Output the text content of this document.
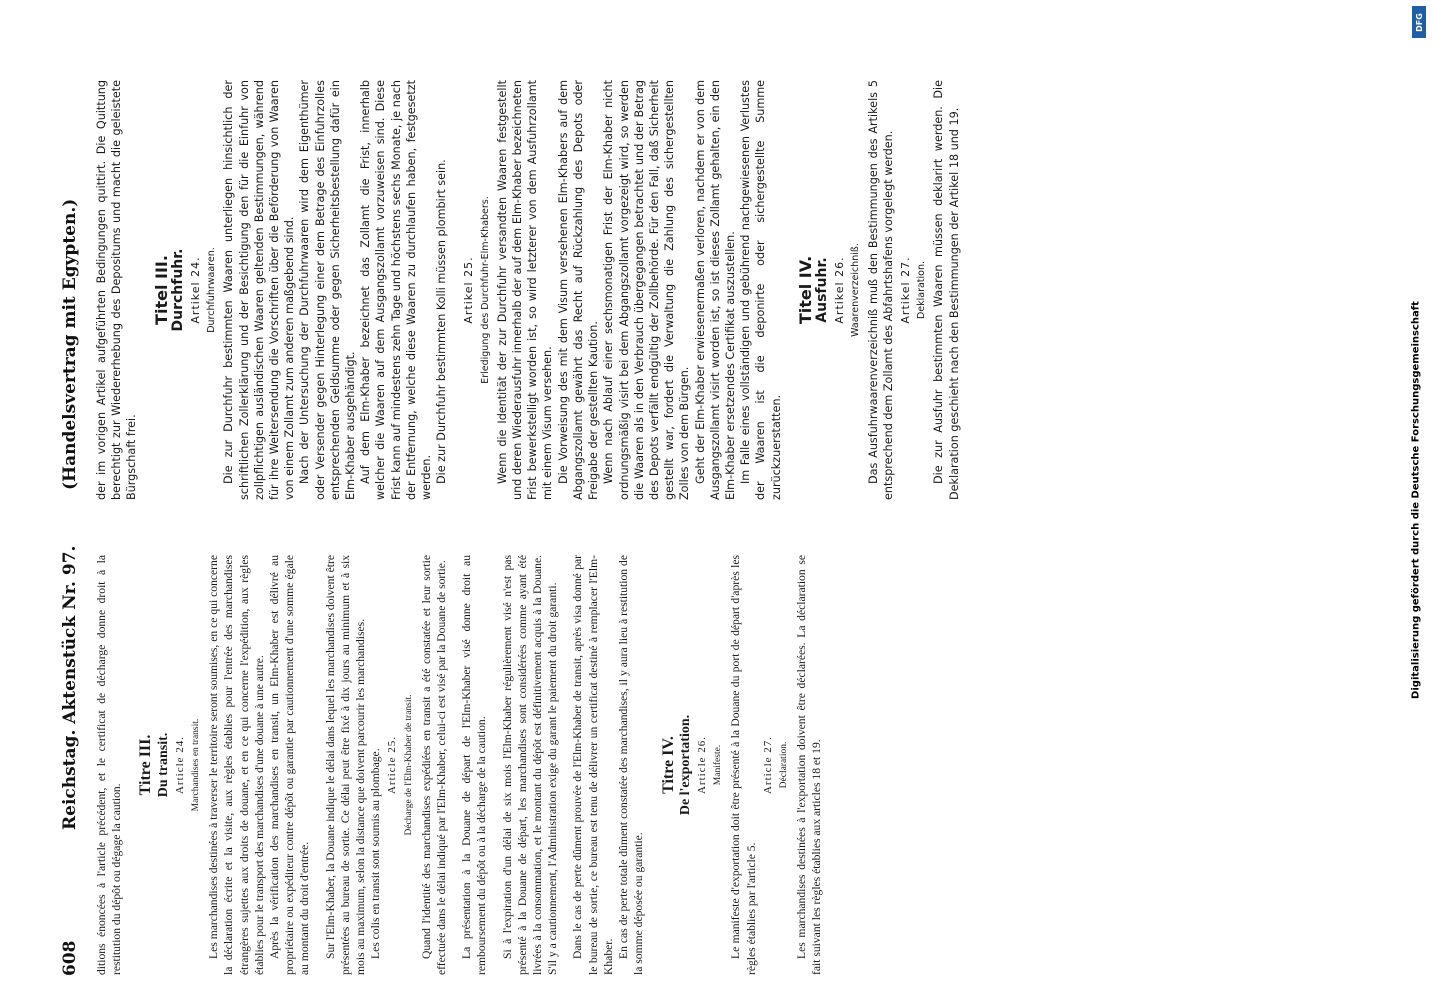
608
Reichstag. Aktenstück Nr. 97.
(Handelsvertrag mit Egypten.)

ditions énoncées à l'article précédent, et le certificat de décharge donne droit à la restitution du dépôt ou dégage la caution.

Titre III. Du transit. Article 24. Marchandises en transit. Les marchandises destinées à traverser le territoire seront soumises, en ce qui concerne la déclaration écrite et la visite, aux règles établies pour l'entrée des marchandises étrangères sujettes aux droits de douane, et en ce qui concerne l'expédition, aux règles établies pour le transport des marchandises d'une douane à une autre. Après la vérification des marchandises en transit, un Elm-Khaber est délivré au propriétaire ou expéditeur contre dépôt ou garantie par cautionnement d'une somme égale au montant du droit d'entrée. Sur l'Elm-Khaber, la Douane indique le délai dans lequel les marchandises doivent être présentées au bureau de sortie. Ce délai peut être fixé à dix jours au minimum et à six mois au maximum, selon la distance que doivent parcourir les marchandises. Les colis en transit sont soumis au plombage. Article 25. Décharge de l'Elm-Khaber de transit. Quand l'identité des marchandises expédiées en transit a été constatée et leur sortie effectuée dans le délai indiqué par l'Elm-Khaber, celui-ci est visé par la Douane de sortie. La présentation à la Douane de départ de l'Elm-Khaber visé donne droit au remboursement du dépôt ou à la décharge de la caution. Si à l'expiration d'un délai de six mois l'Elm-Khaber régulièrement visé n'est pas présenté à la Douane de départ, les marchandises sont considérées comme ayant été livrées à la consommation, et le montant du dépôt est définitivement acquis à la Douane. S'il y a cautionnement, l'Administration exige du garant le paiement du droit garanti. Dans le cas de perte dûment prouvée de l'Elm-Khaber de transit, après visa donné par le bureau de sortie, ce bureau est tenu de délivrer un certificat destiné à remplacer l'Elm-Khaber. En cas de perte totale dûment constatée des marchandises, il y aura lieu à restitution de la somme déposée ou garantie.

Titre IV. De l'exportation. Article 26. Manifeste. Le manifeste d'exportation doit être présenté à la Douane du port de départ d'après les règles établies par l'article 5.

Article 27. Déclaration. Les marchandises destinées à l'exportation doivent être déclarées. La déclaration se fait suivant les règles établies aux articles 18 et 19.

der im vorigen Artikel aufgeführten Bedingungen quittirt. Die Quittung berechtigt zur Wiedererhebung des Depositums und macht die geleistete Bürgschaft frei.

Titel III. Durchfuhr. Artikel 24. Durchfuhrwaaren. Die zur Durchfuhr bestimmten Waaren unterliegen hinsichtlich der schriftlichen Zollerklärung und der Besichtigung den für die Einfuhr von zollpflichtigen ausländischen Waaren geltenden Bestimmungen, während für ihre Weitersendung die Vorschriften über die Beförderung von Waaren von einem Zollamt zum anderen maßgebend sind. Nach der Untersuchung der Durchfuhrwaaren wird dem Eigenthümer oder Versender gegen Hinterlegung einer dem Betrage des Einfuhrzolles entsprechenden Geldsumme oder gegen Sicherheitsbestellung dafür ein Elm-Khaber ausgehändigt. Auf dem Elm-Khaber bezeichnet das Zollamt die Frist, innerhalb welcher die Waaren auf dem Ausgangszollamt vorzuweisen sind. Diese Frist kann auf mindestens zehn Tage und höchstens sechs Monate, je nach der Entfernung, welche diese Waaren zu durchlaufen haben, festgesetzt werden. Die zur Durchfuhr bestimmten Kolli müssen plombirt sein. Artikel 25. Erledigung des Durchfuhr-Elm-Khabers. Wenn die Identität der zur Durchfuhr versandten Waaren festgestellt und deren Wiederausfuhr innerhalb der auf dem Elm-Khaber bezeichneten Frist bewerkstelligt worden ist, so wird letzterer von dem Ausfuhrzollamt mit einem Visum versehen. Die Vorweisung des mit dem Visum versehenen Elm-Khabers auf dem Abgangszollamt gewährt das Recht auf Rückzahlung des Depots oder Freigabe der gestellten Kaution. Wenn nach Ablauf einer sechsmonatigen Frist der Elm-Khaber nicht ordnungsmäßig visirt bei dem Abgangszollamt vorgezeigt wird, so werden die Waaren als in den Verbrauch übergegangen betrachtet und der Betrag des Depots verfällt endgültig der Zollbehörde. Für den Fall, daß Sicherheit gestellt war, fordert die Verwaltung die Zahlung des sichergestellten Zolles von dem Bürgen. Geht der Elm-Khaber erwiesenermaßen verloren, nachdem er von dem Ausgangszollamt visirt worden ist, so ist dieses Zollamt gehalten, ein den Elm-Khaber ersetzendes Certifikat auszustellen. Im Falle eines vollständigen und gebührend nachgewiesenen Verlustes der Waaren ist die deponirte oder sichergestellte Summe zurückzuerstatten.

Titel IV. Ausfuhr. Artikel 26. Waarenverzeichniß. Das Ausfuhrwaarenverzeichniß muß den Bestimmungen des Artikels 5 entsprechend dem Zollamt des Abfahrtshafens vorgelegt werden. Artikel 27. Deklaration. Die zur Ausfuhr bestimmten Waaren müssen deklarirt werden. Die Deklaration geschieht nach den Bestimmungen der Artikel 18 und 19.	Digitalisierung gefördert durch die Deutsche Forschungsgemeinschaft
DFG
